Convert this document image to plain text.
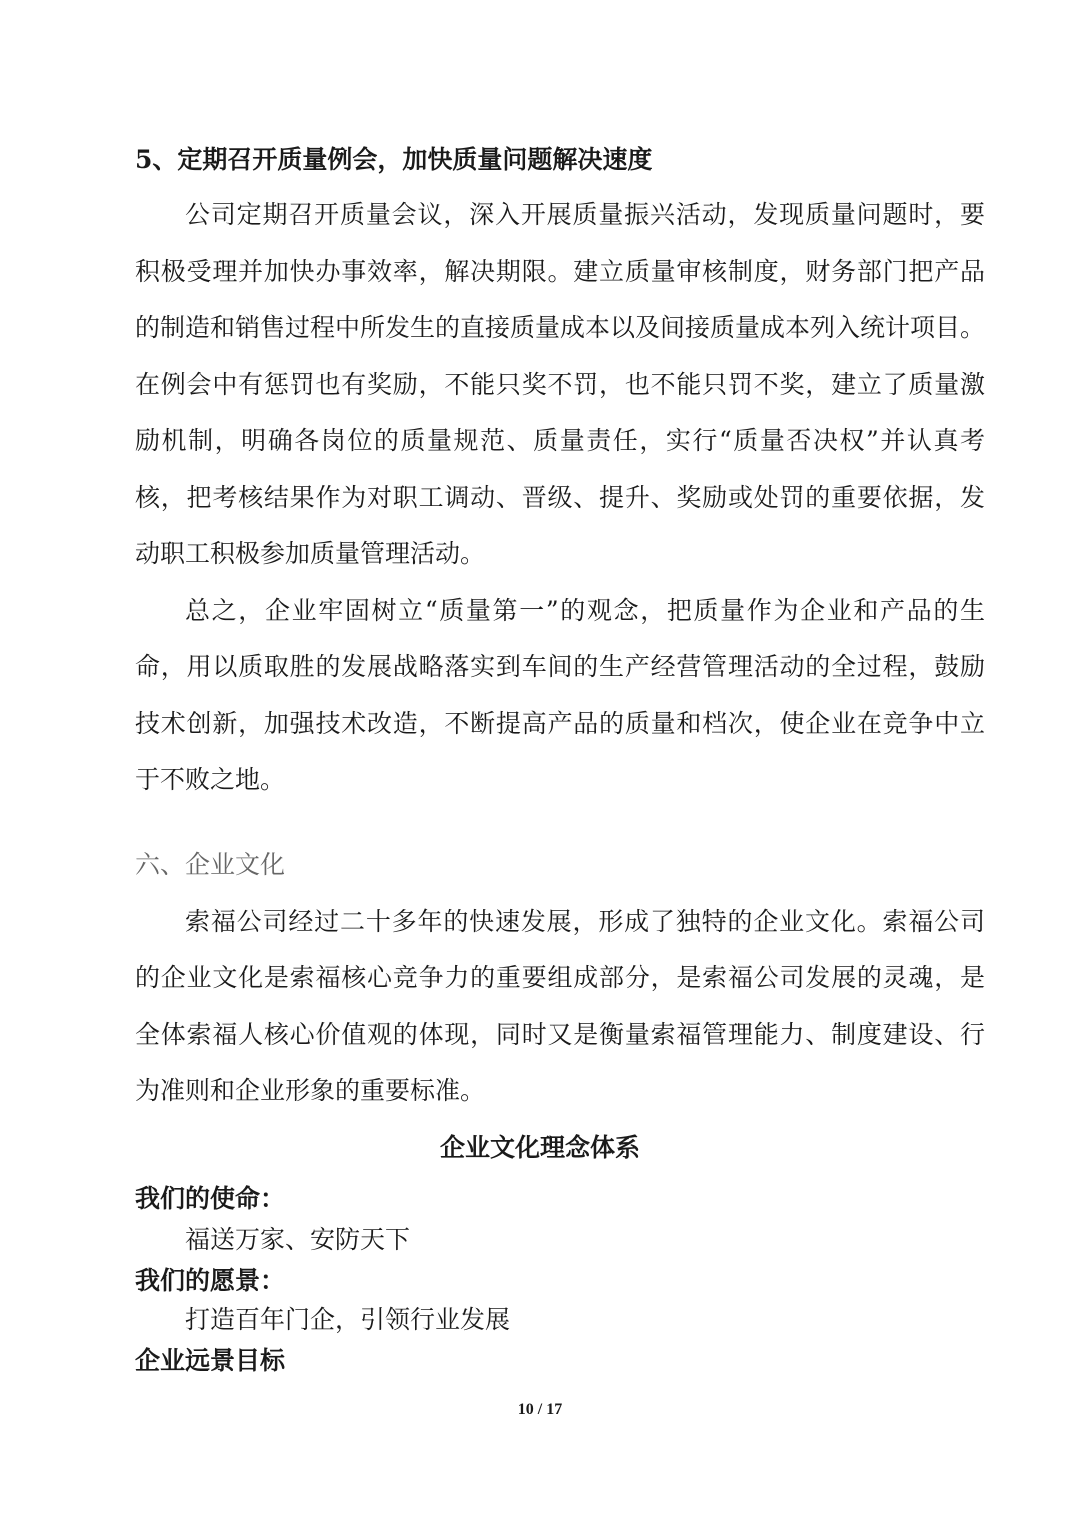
5、定期召开质量例会，加快质量问题解决速度
公司定期召开质量会议，深入开展质量振兴活动，发现质量问题时，要
积极受理并加快办事效率，解决期限。建立质量审核制度，财务部门把产品
的制造和销售过程中所发生的直接质量成本以及间接质量成本列入统计项目。
在例会中有惩罚也有奖励，不能只奖不罚，也不能只罚不奖，建立了质量激
励机制，明确各岗位的质量规范、质量责任，实行“质量否决权”并认真考
核，把考核结果作为对职工调动、晋级、提升、奖励或处罚的重要依据，发
动职工积极参加质量管理活动。
总之，企业牢固树立“质量第一”的观念，把质量作为企业和产品的生
命，用以质取胜的发展战略落实到车间的生产经营管理活动的全过程，鼓励
技术创新，加强技术改造，不断提高产品的质量和档次，使企业在竞争中立
于不败之地。
六、企业文化
索福公司经过二十多年的快速发展，形成了独特的企业文化。索福公司
的企业文化是索福核心竞争力的重要组成部分，是索福公司发展的灵魂，是
全体索福人核心价值观的体现，同时又是衡量索福管理能力、制度建设、行
为准则和企业形象的重要标准。
企业文化理念体系
我们的使命：
福送万家、安防天下
我们的愿景：
打造百年门企，引领行业发展
企业远景目标
10 / 17
